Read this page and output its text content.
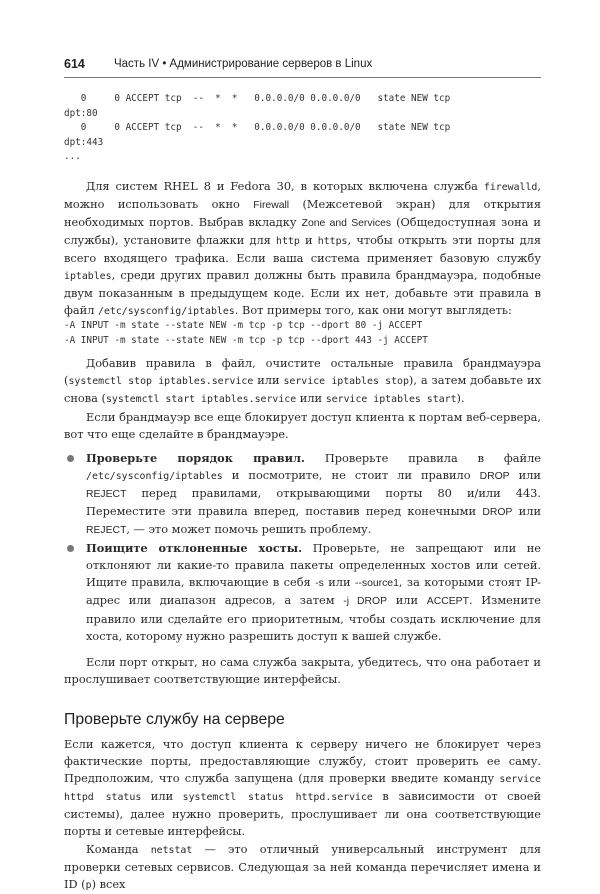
614	Часть IV • Администрирование серверов в Linux
0     0 ACCEPT tcp  --  *  *   0.0.0.0/0 0.0.0.0/0   state NEW tcp
dpt:80
0     0 ACCEPT tcp  --  *  *   0.0.0.0/0 0.0.0.0/0   state NEW tcp
dpt:443
...

Для систем RHEL 8 и Fedora 30, в которых включена служба firewalld, можно использовать окно Firewall (Межсетевой экран) для открытия необходимых портов. Выбрав вкладку Zone and Services (Общедоступная зона и службы), установите флажки для http и https, чтобы открыть эти порты для всего входящего трафика. Если ваша система применяет базовую службу iptables, среди других правил должны быть правила брандмауэра, подобные двум показанным в предыдущем коде. Если их нет, добавьте эти правила в файл /etc/sysconfig/iptables. Вот примеры того, как они могут выглядеть:

-A INPUT -m state --state NEW -m tcp -p tcp --dport 80 -j ACCEPT
-A INPUT -m state --state NEW -m tcp -p tcp --dport 443 -j ACCEPT

Добавив правила в файл, очистите остальные правила брандмауэра (systemctl stop iptables.service или service iptables stop), а затем добавьте их снова (systemctl start iptables.service или service iptables start).

Если брандмауэр все еще блокирует доступ клиента к портам веб-сервера, вот что еще сделайте в брандмауэре.

Проверьте порядок правил. Проверьте правила в файле /etc/sysconfig/iptables и посмотрите, не стоит ли правило DROP или REJECT перед правилами, открывающими порты 80 и/или 443. Переместите эти правила вперед, поставив перед конечными DROP или REJECT, — это может помочь решить проблему.

Поищите отклоненные хосты. Проверьте, не запрещают или не отклоняют ли какие-то правила пакеты определенных хостов или сетей. Ищите правила, включающие в себя -s или --source1, за которыми стоят IP-адрес или диапазон адресов, а затем -j DROP или ACCEPT. Измените правило или сделайте его приоритетным, чтобы создать исключение для хоста, которому нужно разрешить доступ к вашей службе.

Если порт открыт, но сама служба закрыта, убедитесь, что она работает и прослушивает соответствующие интерфейсы.

Проверьте службу на сервере

Если кажется, что доступ клиента к серверу ничего не блокирует через фактические порты, предоставляющие службу, стоит проверить ее саму. Предположим, что служба запущена (для проверки введите команду service httpd status или systemctl status httpd.service в зависимости от своей системы), далее нужно проверить, прослушивает ли она соответствующие порты и сетевые интерфейсы.

Команда netstat — это отличный универсальный инструмент для проверки сетевых сервисов. Следующая за ней команда перечисляет имена и ID (p) всех
